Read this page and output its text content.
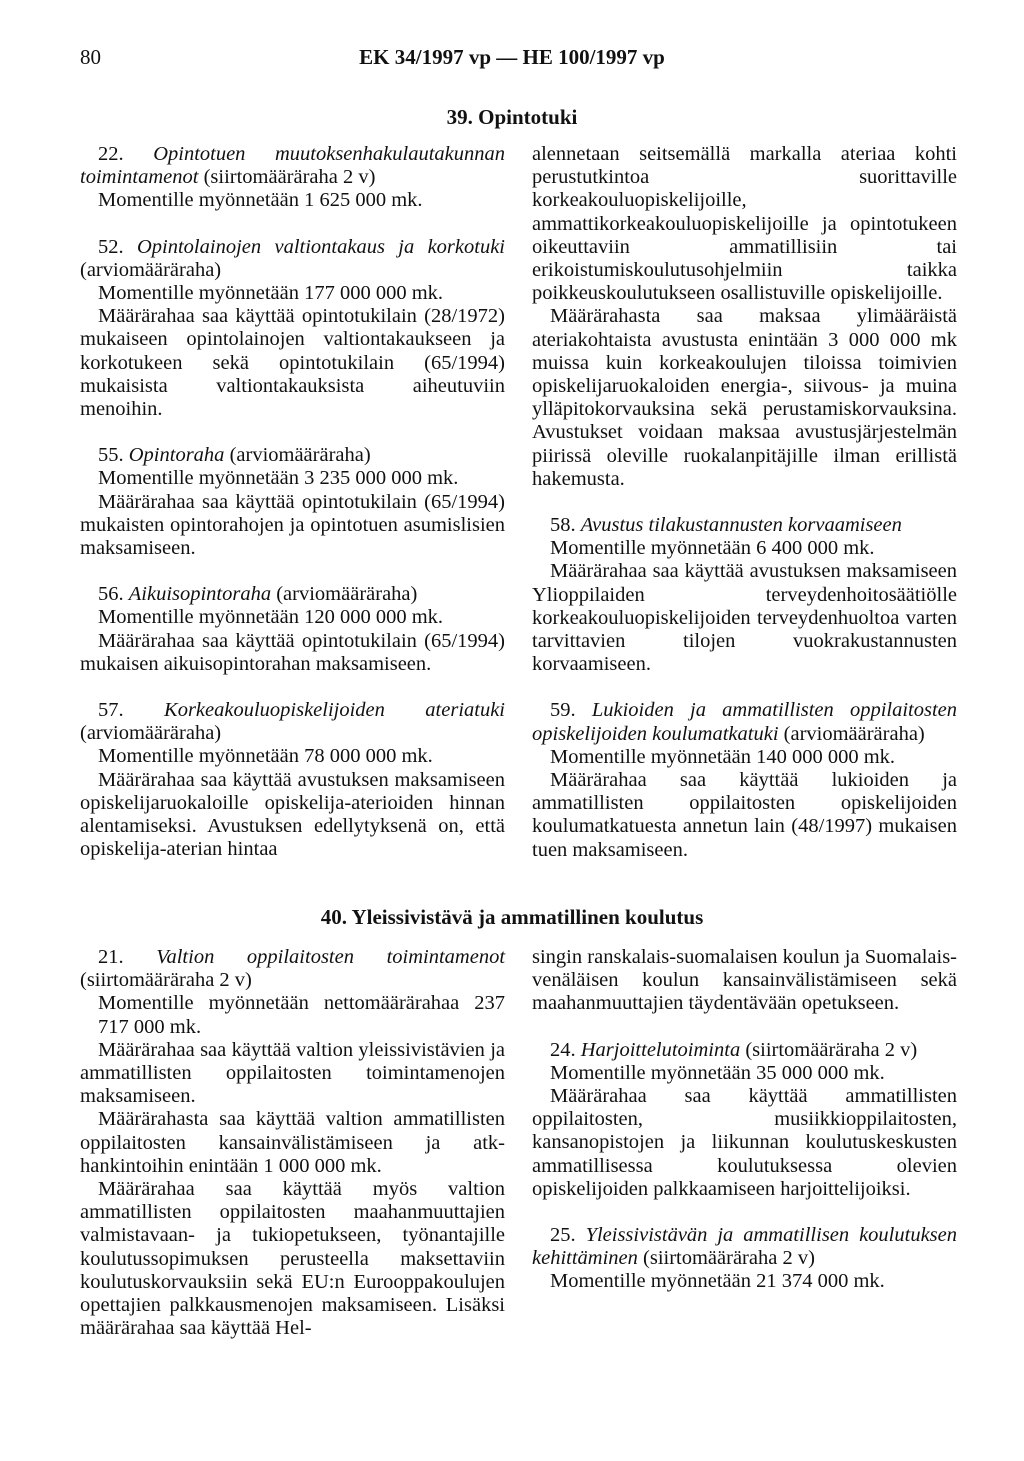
80	EK 34/1997 vp — HE 100/1997 vp
39. Opintotuki

22. Opintotuen muutoksenhakulautakunnan toimintamenot (siirtomääräraha 2 v)

Momentille myönnetään 1 625 000 mk.

52. Opintolainojen valtiontakaus ja korkotuki (arviomääräraha)

Momentille myönnetään 177 000 000 mk.

Määrärahaa saa käyttää opintotukilain (28/1972) mukaiseen opintolainojen valtiontakaukseen ja korkotukeen sekä opintotukilain (65/1994) mukaisista valtiontakauksista aiheutuviin menoihin.

55. Opintoraha (arviomääräraha)

Momentille myönnetään 3 235 000 000 mk.

Määrärahaa saa käyttää opintotukilain (65/1994) mukaisten opintorahojen ja opintotuen asumislisien maksamiseen.

56. Aikuisopintoraha (arviomääräraha)

Momentille myönnetään 120 000 000 mk.

Määrärahaa saa käyttää opintotukilain (65/1994) mukaisen aikuisopintorahan maksamiseen.

57. Korkeakouluopiskelijoiden ateriatuki (arviomääräraha)

Momentille myönnetään 78 000 000 mk.

Määrärahaa saa käyttää avustuksen maksamiseen opiskelijaruokaloille opiskelija-aterioiden hinnan alentamiseksi. Avustuksen edellytyksenä on, että opiskelija-aterian hintaa

alennetaan seitsemällä markalla ateriaa kohti perustutkintoa suorittaville korkeakouluopiskelijoille, ammattikorkeakouluopiskelijoille ja opintotukeen oikeuttaviin ammatillisiin tai erikoistumiskoulutusohjelmiin taikka poikkeuskoulutukseen osallistuville opiskelijoille.

Määrärahasta saa maksaa ylimääräistä ateriakohtaista avustusta enintään 3 000 000 mk muissa kuin korkeakoulujen tiloissa toimivien opiskelijaruokaloiden energia-, siivous- ja muina ylläpitokorvauksina sekä perustamiskorvauksina. Avustukset voidaan maksaa avustusjärjestelmän piirissä oleville ruokalanpitäjille ilman erillistä hakemusta.

58. Avustus tilakustannusten korvaamiseen

Momentille myönnetään 6 400 000 mk.

Määrärahaa saa käyttää avustuksen maksamiseen Ylioppilaiden terveydenhoitosäätiölle korkeakouluopiskelijoiden terveydenhuoltoa varten tarvittavien tilojen vuokrakustannusten korvaamiseen.

59. Lukioiden ja ammatillisten oppilaitosten opiskelijoiden koulumatkatuki (arviomääräraha)

Momentille myönnetään 140 000 000 mk.

Määrärahaa saa käyttää lukioiden ja ammatillisten oppilaitosten opiskelijoiden koulumatkatuesta annetun lain (48/1997) mukaisen tuen maksamiseen.

40. Yleissivistävä ja ammatillinen koulutus

21. Valtion oppilaitosten toimintamenot (siirtomääräraha 2 v)

Momentille myönnetään nettomäärärahaa 237 717 000 mk.

Määrärahaa saa käyttää valtion yleissivistävien ja ammatillisten oppilaitosten toimintamenojen maksamiseen.

Määrärahasta saa käyttää valtion ammatillisten oppilaitosten kansainvälistämiseen ja atk-hankintoihin enintään 1 000 000 mk.

Määrärahaa saa käyttää myös valtion ammatillisten oppilaitosten maahanmuuttajien valmistavaan- ja tukiopetukseen, työnantajille koulutussopimuksen perusteella maksettaviin koulutuskorvauksiin sekä EU:n Eurooppakoulujen opettajien palkkausmenojen maksamiseen. Lisäksi määrärahaa saa käyttää Hel-

singin ranskalais-suomalaisen koulun ja Suomalais-venäläisen koulun kansainvälistämiseen sekä maahanmuuttajien täydentävään opetukseen.

24. Harjoittelutoiminta (siirtomääräraha 2 v)

Momentille myönnetään 35 000 000 mk.

Määrärahaa saa käyttää ammatillisten oppilaitosten, musiikkioppilaitosten, kansanopistojen ja liikunnan koulutuskeskusten ammatillisessa koulutuksessa olevien opiskelijoiden palkkaamiseen harjoittelijoiksi.

25. Yleissivistävän ja ammatillisen koulutuksen kehittäminen (siirtomääräraha 2 v)

Momentille myönnetään 21 374 000 mk.
